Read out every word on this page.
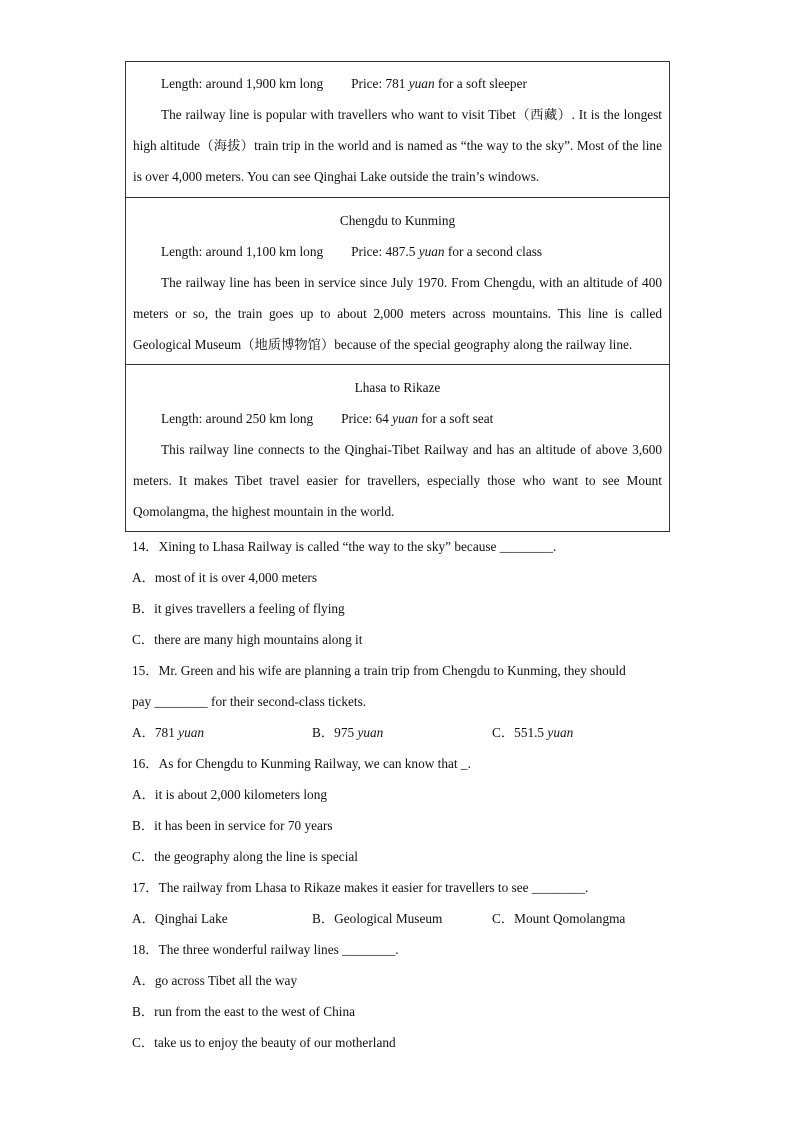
Length: around 1,900 km long Price: 781 yuan for a soft sleeper
The railway line is popular with travellers who want to visit Tibet（西藏）. It is the longest high altitude（海拔）train trip in the world and is named as “the way to the sky”. Most of the line is over 4,000 meters. You can see Qinghai Lake outside the train’s windows.
Chengdu to Kunming
Length: around 1,100 km long Price: 487.5 yuan for a second class
The railway line has been in service since July 1970. From Chengdu, with an altitude of 400 meters or so, the train goes up to about 2,000 meters across mountains. This line is called Geological Museum（地质博物馆）because of the special geography along the railway line.
Lhasa to Rikaze
Length: around 250 km long Price: 64 yuan for a soft seat
This railway line connects to the Qinghai-Tibet Railway and has an altitude of above 3,600 meters. It makes Tibet travel easier for travellers, especially those who want to see Mount Qomolangma, the highest mountain in the world.
14．Xining to Lhasa Railway is called “the way to the sky” because ________.
A．most of it is over 4,000 meters
B．it gives travellers a feeling of flying
C．there are many high mountains along it
15．Mr. Green and his wife are planning a train trip from Chengdu to Kunming, they should
pay ________ for their second-class tickets.
A．781 yuan	B．975 yuan	C．551.5 yuan
16．As for Chengdu to Kunming Railway, we can know that _.
A．it is about 2,000 kilometers long
B．it has been in service for 70 years
C．the geography along the line is special
17．The railway from Lhasa to Rikaze makes it easier for travellers to see ________.
A．Qinghai Lake	B．Geological Museum	C．Mount Qomolangma
18．The three wonderful railway lines ________.
A．go across Tibet all the way
B．run from the east to the west of China
C．take us to enjoy the beauty of our motherland
